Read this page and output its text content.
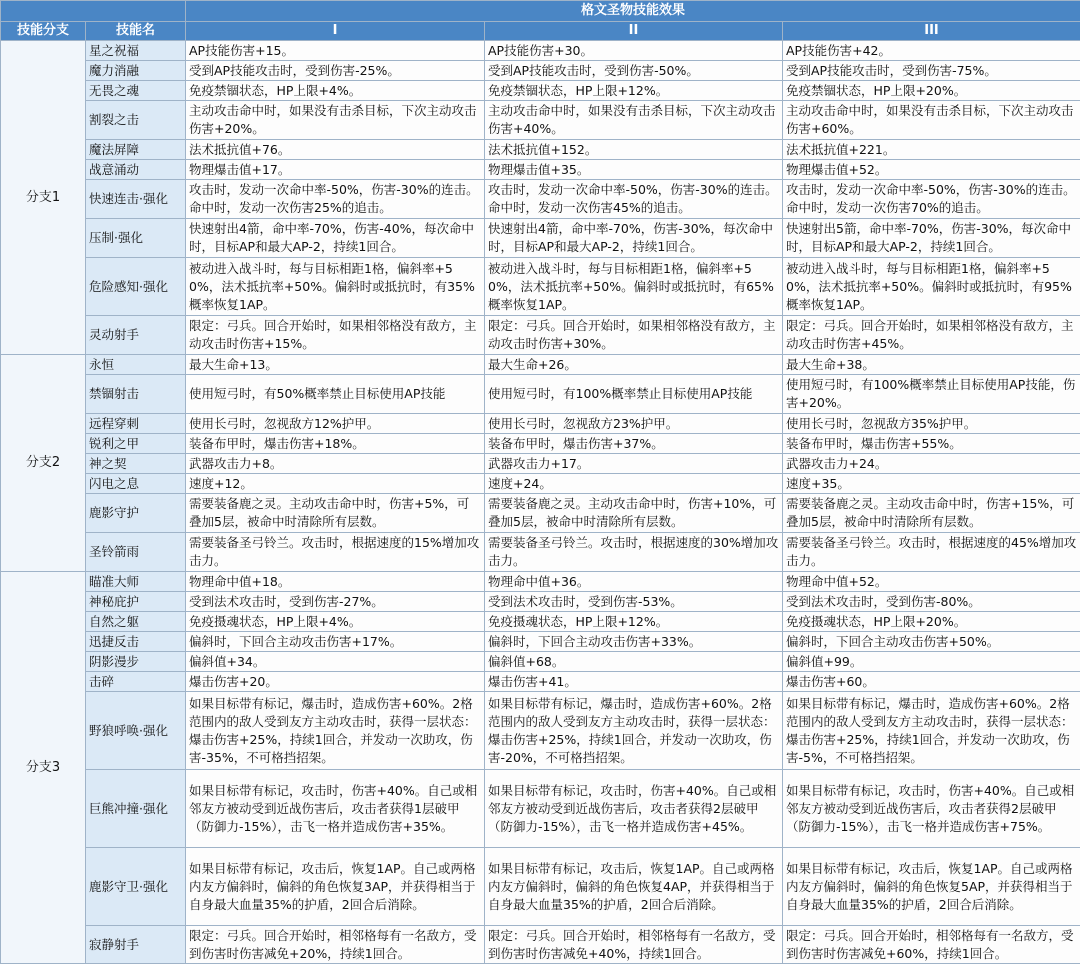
		格文圣物技能效果		
技能分支	技能名	I	II	III
分支1	星之祝福	AP技能伤害+15。	AP技能伤害+30。	AP技能伤害+42。
	魔力消融	受到AP技能攻击时，受到伤害-25%。	受到AP技能攻击时，受到伤害-50%。	受到AP技能攻击时，受到伤害-75%。
	无畏之魂	免疫禁锢状态，HP上限+4%。	免疫禁锢状态，HP上限+12%。	免疫禁锢状态，HP上限+20%。
	割裂之击	主动攻击命中时，如果没有击杀目标，下次主动攻击伤害+20%。	主动攻击命中时，如果没有击杀目标，下次主动攻击伤害+40%。	主动攻击命中时，如果没有击杀目标，下次主动攻击伤害+60%。
	魔法屏障	法术抵抗值+76。	法术抵抗值+152。	法术抵抗值+221。
	战意涌动	物理爆击值+17。	物理爆击值+35。	物理爆击值+52。
	快速连击·强化	攻击时，发动一次命中率-50%，伤害-30%的连击。命中时，发动一次伤害25%的追击。	攻击时，发动一次命中率-50%，伤害-30%的连击。命中时，发动一次伤害45%的追击。	攻击时，发动一次命中率-50%，伤害-30%的连击。命中时，发动一次伤害70%的追击。
	压制·强化	快速射出4箭，命中率-70%，伤害-40%，每次命中时，目标AP和最大AP-2，持续1回合。	快速射出4箭，命中率-70%，伤害-30%，每次命中时，目标AP和最大AP-2，持续1回合。	快速射出5箭，命中率-70%，伤害-30%，每次命中时，目标AP和最大AP-2，持续1回合。
	危险感知·强化	被动进入战斗时，每与目标相距1格，偏斜率+50%，法术抵抗率+50%。偏斜时或抵抗时，有35%概率恢复1AP。	被动进入战斗时，每与目标相距1格，偏斜率+50%，法术抵抗率+50%。偏斜时或抵抗时，有65%概率恢复1AP。	被动进入战斗时，每与目标相距1格，偏斜率+50%，法术抵抗率+50%。偏斜时或抵抗时，有95%概率恢复1AP。
	灵动射手	限定：弓兵。回合开始时，如果相邻格没有敌方，主动攻击时伤害+15%。	限定：弓兵。回合开始时，如果相邻格没有敌方，主动攻击时伤害+30%。	限定：弓兵。回合开始时，如果相邻格没有敌方，主动攻击时伤害+45%。
分支2	永恒	最大生命+13。	最大生命+26。	最大生命+38。
	禁锢射击	使用短弓时，有50%概率禁止目标使用AP技能	使用短弓时，有100%概率禁止目标使用AP技能	使用短弓时，有100%概率禁止目标使用AP技能，伤害+20%。
	远程穿刺	使用长弓时，忽视敌方12%护甲。	使用长弓时，忽视敌方23%护甲。	使用长弓时，忽视敌方35%护甲。
	锐利之甲	装备布甲时，爆击伤害+18%。	装备布甲时，爆击伤害+37%。	装备布甲时，爆击伤害+55%。
	神之契	武器攻击力+8。	武器攻击力+17。	武器攻击力+24。
	闪电之息	速度+12。	速度+24。	速度+35。
	鹿影守护	需要装备鹿之灵。主动攻击命中时，伤害+5%，可叠加5层，被命中时清除所有层数。	需要装备鹿之灵。主动攻击命中时，伤害+10%，可叠加5层，被命中时清除所有层数。	需要装备鹿之灵。主动攻击命中时，伤害+15%，可叠加5层，被命中时清除所有层数。
	圣铃箭雨	需要装备圣弓铃兰。攻击时，根据速度的15%增加攻击力。	需要装备圣弓铃兰。攻击时，根据速度的30%增加攻击力。	需要装备圣弓铃兰。攻击时，根据速度的45%增加攻击力。
分支3	瞄准大师	物理命中值+18。	物理命中值+36。	物理命中值+52。
	神秘庇护	受到法术攻击时，受到伤害-27%。	受到法术攻击时，受到伤害-53%。	受到法术攻击时，受到伤害-80%。
	自然之躯	免疫摄魂状态，HP上限+4%。	免疫摄魂状态，HP上限+12%。	免疫摄魂状态，HP上限+20%。
	迅捷反击	偏斜时，下回合主动攻击伤害+17%。	偏斜时，下回合主动攻击伤害+33%。	偏斜时，下回合主动攻击伤害+50%。
	阴影漫步	偏斜值+34。	偏斜值+68。	偏斜值+99。
	击碎	爆击伤害+20。	爆击伤害+41。	爆击伤害+60。
	野狼呼唤·强化	如果目标带有标记，爆击时，造成伤害+60%。2格范围内的敌人受到友方主动攻击时，获得一层状态：爆击伤害+25%，持续1回合，并发动一次助攻，伤害-35%，不可格挡招架。	如果目标带有标记，爆击时，造成伤害+60%。2格范围内的敌人受到友方主动攻击时，获得一层状态：爆击伤害+25%，持续1回合，并发动一次助攻，伤害-20%，不可格挡招架。	如果目标带有标记，爆击时，造成伤害+60%。2格范围内的敌人受到友方主动攻击时，获得一层状态：爆击伤害+25%，持续1回合，并发动一次助攻，伤害-5%，不可格挡招架。
	巨熊冲撞·强化	如果目标带有标记，攻击时，伤害+40%。自己或相邻友方被动受到近战伤害后，攻击者获得1层破甲（防御力-15%），击飞一格并造成伤害+35%。	如果目标带有标记，攻击时，伤害+40%。自己或相邻友方被动受到近战伤害后，攻击者获得2层破甲（防御力-15%），击飞一格并造成伤害+45%。	如果目标带有标记，攻击时，伤害+40%。自己或相邻友方被动受到近战伤害后，攻击者获得2层破甲（防御力-15%），击飞一格并造成伤害+75%。
	鹿影守卫·强化	如果目标带有标记，攻击后，恢复1AP。自己或两格内友方偏斜时，偏斜的角色恢复3AP，并获得相当于自身最大血量35%的护盾，2回合后消除。	如果目标带有标记，攻击后，恢复1AP。自己或两格内友方偏斜时，偏斜的角色恢复4AP，并获得相当于自身最大血量35%的护盾，2回合后消除。	如果目标带有标记，攻击后，恢复1AP。自己或两格内友方偏斜时，偏斜的角色恢复5AP，并获得相当于自身最大血量35%的护盾，2回合后消除。
	寂静射手	限定：弓兵。回合开始时，相邻格每有一名敌方，受到伤害时伤害减免+20%，持续1回合。	限定：弓兵。回合开始时，相邻格每有一名敌方，受到伤害时伤害减免+40%，持续1回合。	限定：弓兵。回合开始时，相邻格每有一名敌方，受到伤害时伤害减免+60%，持续1回合。
